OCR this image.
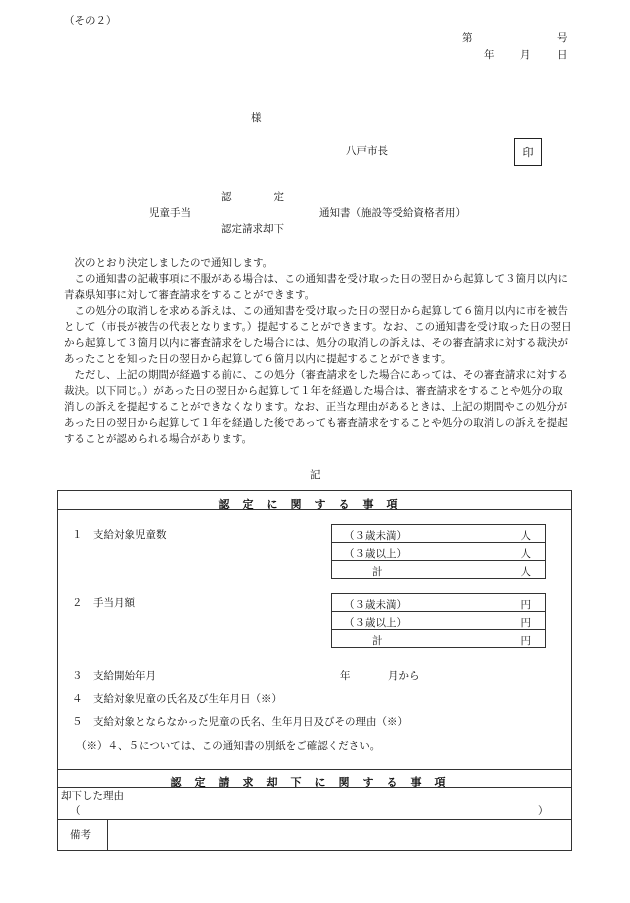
（その２）
第	号
年 月	日
様
八戸市長	印
認　　　　定
児童手当
認定請求却下
通知書（施設等受給資格者用）

次のとおり決定しましたので通知します。

この通知書の記載事項に不服がある場合は、この通知書を受け取った日の翌日から起算して３箇月以内に青森県知事に対して審査請求をすることができます。

この処分の取消しを求める訴えは、この通知書を受け取った日の翌日から起算して６箇月以内に市を被告として（市長が被告の代表となります。）提起することができます。なお、この通知書を受け取った日の翌日から起算して３箇月以内に審査請求をした場合には、処分の取消しの訴えは、その審査請求に対する裁決があったことを知った日の翌日から起算して６箇月以内に提起することができます。

ただし、上記の期間が経過する前に、この処分（審査請求をした場合にあっては、その審査請求に対する裁決。以下同じ。）があった日の翌日から起算して１年を経過した場合は、審査請求をすることや処分の取消しの訴えを提起することができなくなります。なお、正当な理由があるときは、上記の期間やこの処分があった日の翌日から起算して１年を経過した後であっても審査請求をすることや処分の取消しの訴えを提起することが認められる場合があります。

記
認定に関する事項
１　支給対象児童数	（３歳未満）	人
（３歳以上）	人
計	人
２　手当月額	（３歳未満）	円
（３歳以上）	円
計	円
３　支給開始年月	年	月から
４　支給対象児童の氏名及び生年月日（※）
５　支給対象とならなかった児童の氏名、生年月日及びその理由（※）
（※）４、５については、この通知書の別紙をご確認ください。
認定請求却下に関する事項
却下した理由
（	）
備考
